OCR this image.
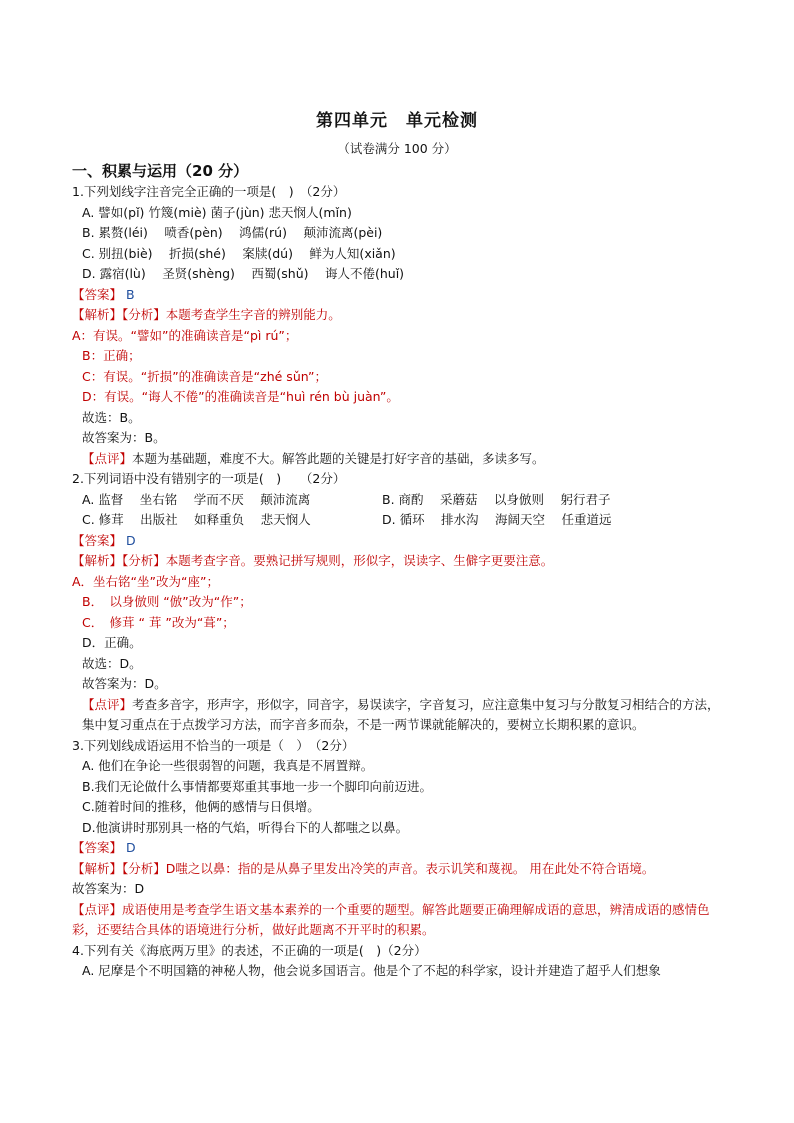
第四单元　单元检测
（试卷满分 100 分）
一、积累与运用（20 分）
1.下列划线字注音完全正确的一项是(　)　（2分）
A. 譬如(pǐ) 竹篾(miè) 菌子(jùn) 悲天悯人(mǐn)
B. 累赘(léi)　 喷香(pèn)　 鸿儒(rú)　 颠沛流离(pèi)
C. 别扭(biè)　 折损(shé)　 案牍(dú)　 鲜为人知(xiǎn)
D. 露宿(lù)　 圣贤(shèng)　 西蜀(shǔ)　 诲人不倦(huǐ)
【答案】 B
【解析】【分析】本题考查学生字音的辨别能力。
A：有误。“譬如”的准确读音是“pì rú”；
B：正确；
C：有误。“折损”的准确读音是“zhé sǔn”；
D：有误。“诲人不倦”的准确读音是“huì rén bù juàn”。
故选：B。
故答案为：B。
【点评】本题为基础题，难度不大。解答此题的关键是打好字音的基础，多读多写。
2.下列词语中没有错别字的一项是(　)　　（2分）
A. 监督　 坐右铭　 学而不厌　 颠沛流离	B. 商酌　 采蘑菇　 以身倣则　 躬行君子
C. 修茸　 出版社　 如释重负　 悲天悯人	D. 循环　 排水沟　 海阔天空　 任重道远
【答案】 D
【解析】【分析】本题考查字音。要熟记拼写规则，形似字，误读字、生僻字更要注意。
A．坐右铭“坐”改为“座”；
B．　以身倣则 “倣”改为“作”；
C．　修茸 “ 茸 ”改为“葺”；
D．正确。
故选：D。
故答案为：D。
【点评】考查多音字，形声字，形似字，同音字，易误读字，字音复习，应注意集中复习与分散复习相结合的方法，集中复习重点在于点拨学习方法，而字音多而杂，不是一两节课就能解决的，要树立长期积累的意识。
3.下列划线成语运用不恰当的一项是（　）　（2分）
A. 他们在争论一些很弱智的问题，我真是不屑置辩。
B.我们无论做什么事情都要郑重其事地一步一个脚印向前迈进。
C.随着时间的推移，他俩的感情与日俱增。
D.他演讲时那别具一格的气焰，听得台下的人都嗤之以鼻。
【答案】 D
【解析】【分析】D嗤之以鼻：指的是从鼻子里发出冷笑的声音。表示讥笑和蔑视。 用在此处不符合语境。
故答案为：D
【点评】成语使用是考查学生语文基本素养的一个重要的题型。解答此题要正确理解成语的意思，辨清成语的感情色彩，还要结合具体的语境进行分析，做好此题离不开平时的积累。
4.下列有关《海底两万里》的表述，不正确的一项是(　)（2分）
A. 尼摩是个不明国籍的神秘人物，他会说多国语言。他是个了不起的科学家，设计并建造了超乎人们想象
